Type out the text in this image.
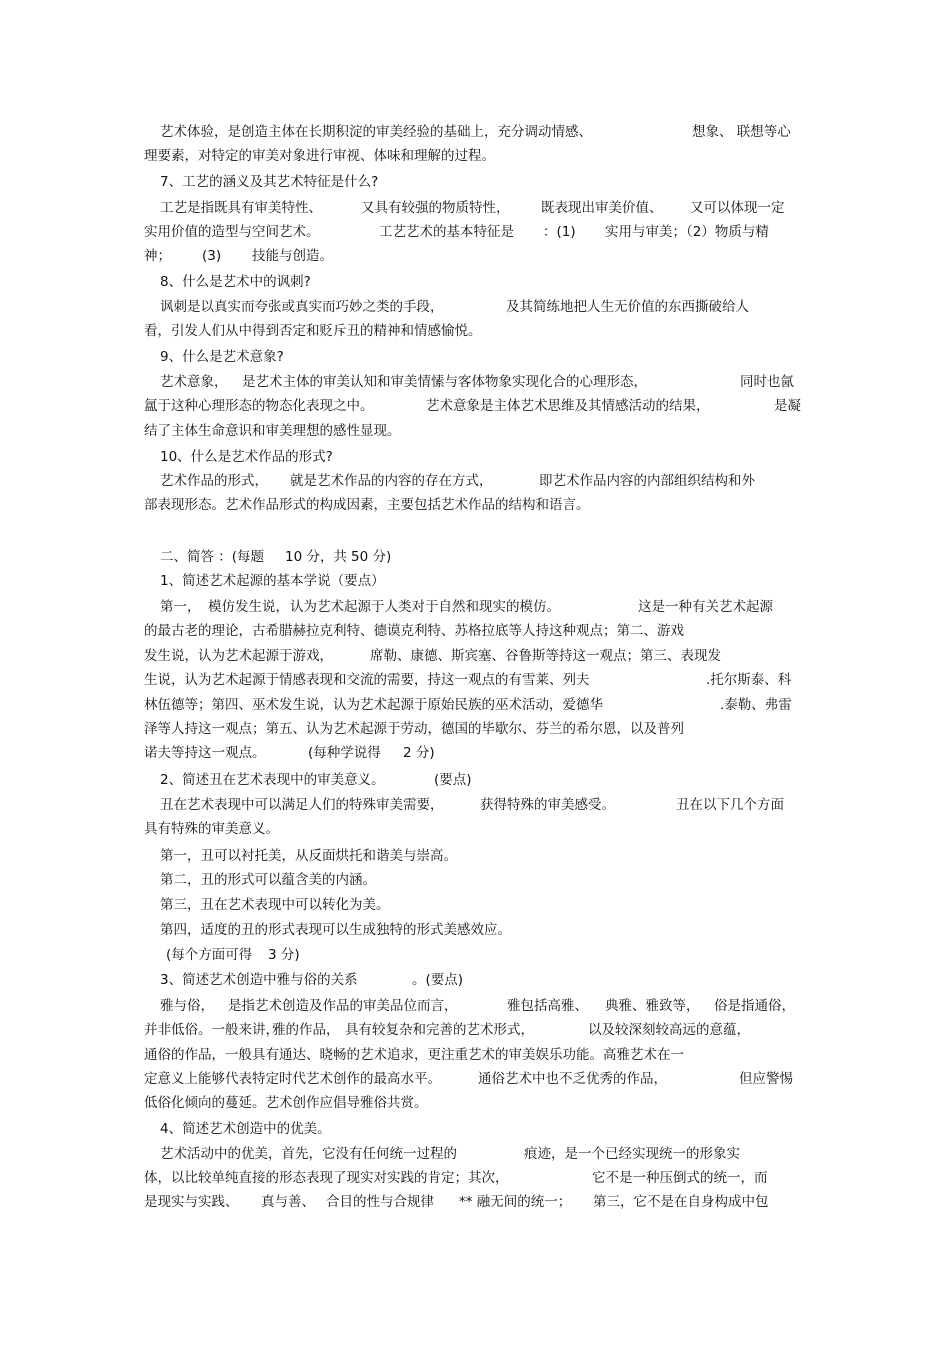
艺术体验，是创造主体在长期积淀的审美经验的基础上，充分调动情感、	想象、 联想等心
理要素，对特定的审美对象进行审视、体味和理解的过程。
7、工艺的涵义及其艺术特征是什么?
工艺是指既具有审美特性、	又具有较强的物质特性， 既表现出审美价值、 又可以体现一定
实用价值的造型与空间艺术。	工艺艺术的基本特征是 ：(1) 实用与审美；（2）物质与精
神； (3) 技能与创造。
8、什么是艺术中的讽刺?
讽刺是以真实而夸张或真实而巧妙之类的手段，	及其简练地把人生无价值的东西撕破给人
看，引发人们从中得到否定和贬斥丑的精神和情感愉悦。
9、什么是艺术意象?
艺术意象， 是艺术主体的审美认知和审美情愫与客体物象实现化合的心理形态，	同时也氤
氲于这种心理形态的物态化表现之中。	艺术意象是主体艺术思维及其情感活动的结果，	是凝
结了主体生命意识和审美理想的感性显现。
10、什么是艺术作品的形式?
艺术作品的形式， 就是艺术作品的内容的存在方式，	即艺术作品内容的内部组织结构和外
部表现形态。艺术作品形式的构成因素，主要包括艺术作品的结构和语言。
二、简答 ：(每题 10 分，共 50 分)
1、简述艺术起源的基本学说（要点）
第一， 模仿发生说， 认为艺术起源于人类对于自然和现实的模仿。	这是一种有关艺术起源
的最古老的理论，古希腊赫拉克利特、德谟克利特、苏格拉底等人持这种观点；第二、游戏
发生说，认为艺术起源于游戏，	席勒、康德、斯宾塞、谷鲁斯等持这一观点；第三、表现发
生说，认为艺术起源于情感表现和交流的需要，持这一观点的有雪莱、列夫	.托尔斯泰、科
林伍德等；第四、巫术发生说，认为艺术起源于原始民族的巫术活动，爱德华	.泰勒、弗雷
泽等人持这一观点；第五、认为艺术起源于劳动，德国的毕歇尔、芬兰的希尔恩，以及普列
诺夫等持这一观点。	(每种学说得 2 分)
2、简述丑在艺术表现中的审美意义。	(要点)
丑在艺术表现中可以满足人们的特殊审美需要，	获得特殊的审美感受。	丑在以下几个方面
具有特殊的审美意义。
第一，丑可以衬托美，从反面烘托和谐美与崇高。
第二，丑的形式可以蕴含美的内涵。
第三，丑在艺术表现中可以转化为美。
第四，适度的丑的形式表现可以生成独特的形式美感效应。
(每个方面可得 3 分)
3、简述艺术创造中雅与俗的关系	。(要点)
雅与俗， 是指艺术创造及作品的审美品位而言，	雅包括高雅、 典雅、雅致等， 俗是指通俗，
并非低俗。一般来讲，
雅的作品， 具有较复杂和完善的艺术形式，	以及较深刻较高远的意蕴，
通俗的作品，一般具有通达、晓畅的艺术追求，更注重艺术的审美娱乐功能。高雅艺术在一
定意义上能够代表特定时代艺术创作的最高水平。	通俗艺术中也不乏优秀的作品，	但应警惕
低俗化倾向的蔓延。艺术创作应倡导雅俗共赏。
4、简述艺术创造中的优美。
艺术活动中的优美，首先，它没有任何统一过程的	痕迹，是一个已经实现统一的形象实
体，以比较单纯直接的形态表现了现实对实践的肯定；其次，	它不是一种压倒式的统一，而
是现实与实践、 真与善、 合目的性与合规律 ** 融无间的统一； 第三，它不是在自身构成中包
